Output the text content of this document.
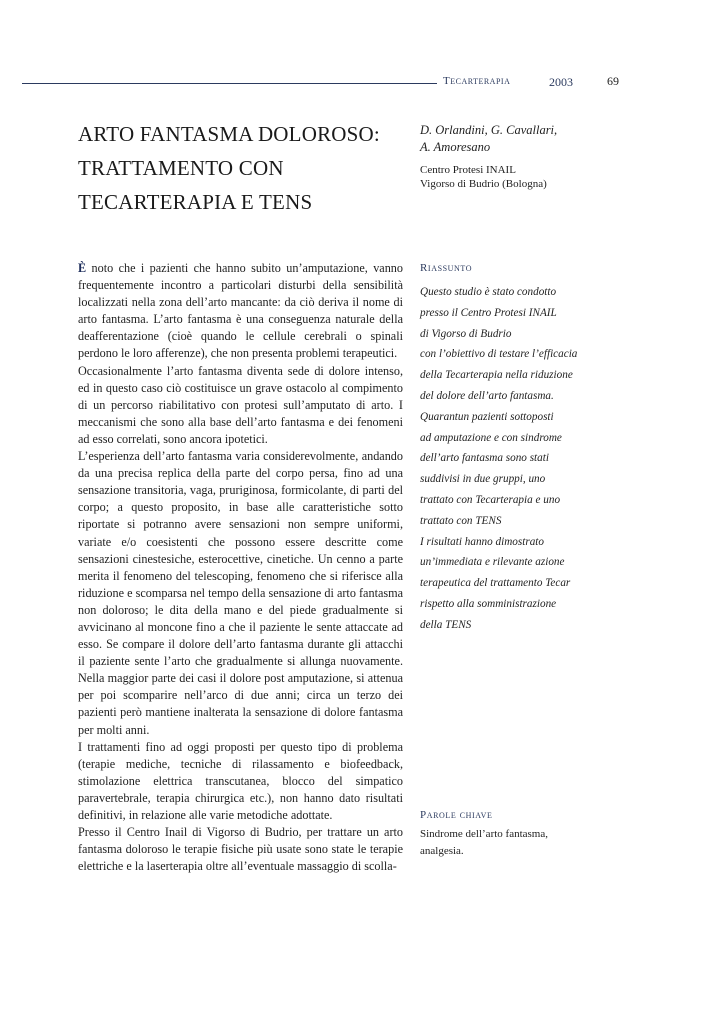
Tecarterapia	2003	69
ARTO FANTASMA DOLOROSO:
TRATTAMENTO CON
TECARTERAPIA E TENS
D. Orlandini, G. Cavallari,
A. Amoresano
Centro Protesi INAIL
Vigorso di Budrio (Bologna)

È noto che i pazienti che hanno subito un’amputazione, vanno frequentemente incontro a particolari disturbi della sensibilità localizzati nella zona dell’arto mancante: da ciò deriva il nome di arto fantasma. L’arto fantasma è una conseguenza naturale della deafferentazione (cioè quando le cellule cerebrali o spinali perdono le loro afferenze), che non presenta problemi terapeutici.

Occasionalmente l’arto fantasma diventa sede di dolore intenso, ed in questo caso ciò costituisce un grave ostacolo al compimento di un percorso riabilitativo con protesi sull’amputato di arto. I meccanismi che sono alla base dell’arto fantasma e dei fenomeni ad esso correlati, sono ancora ipotetici.

L’esperienza dell’arto fantasma varia considerevolmente, andando da una precisa replica della parte del corpo persa, fino ad una sensazione transitoria, vaga, pruriginosa, formicolante, di parti del corpo; a questo proposito, in base alle caratteristiche sotto riportate si potranno avere sensazioni non sempre uniformi, variate e/o coesistenti che possono essere descritte come sensazioni cinestesiche, esterocettive, cinetiche. Un cenno a parte merita il fenomeno del telescoping, fenomeno che si riferisce alla riduzione e scomparsa nel tempo della sensazione di arto fantasma non doloroso; le dita della mano e del piede gradualmente si avvicinano al moncone fino a che il paziente le sente attaccate ad esso. Se compare il dolore dell’arto fantasma durante gli attacchi il paziente sente l’arto che gradualmente si allunga nuovamente. Nella maggior parte dei casi il dolore post amputazione, si attenua per poi scomparire nell’arco di due anni; circa un terzo dei pazienti però mantiene inalterata la sensazione di dolore fantasma per molti anni.

I trattamenti fino ad oggi proposti per questo tipo di problema (terapie mediche, tecniche di rilassamento e biofeedback, stimolazione elettrica transcutanea, blocco del simpatico paravertebrale, terapia chirurgica etc.), non hanno dato risultati definitivi, in relazione alle varie metodiche adottate.

Presso il Centro Inail di Vigorso di Budrio, per trattare un arto fantasma doloroso le terapie fisiche più usate sono state le terapie elettriche e la laserterapia oltre all’eventuale massaggio di scolla-

Riassunto

Questo studio è stato condotto

presso il Centro Protesi INAIL

di Vigorso di Budrio

con l’obiettivo di testare l’efficacia

della Tecarterapia nella riduzione

del dolore dell’arto fantasma.

Quarantun pazienti sottoposti

ad amputazione e con sindrome

dell’arto fantasma sono stati

suddivisi in due gruppi, uno

trattato con Tecarterapia e uno

trattato con TENS

I risultati hanno dimostrato

un’immediata e rilevante azione

terapeutica del trattamento Tecar

rispetto alla somministrazione

della TENS

Parole chiave
Sindrome dell’arto fantasma,
analgesia.
